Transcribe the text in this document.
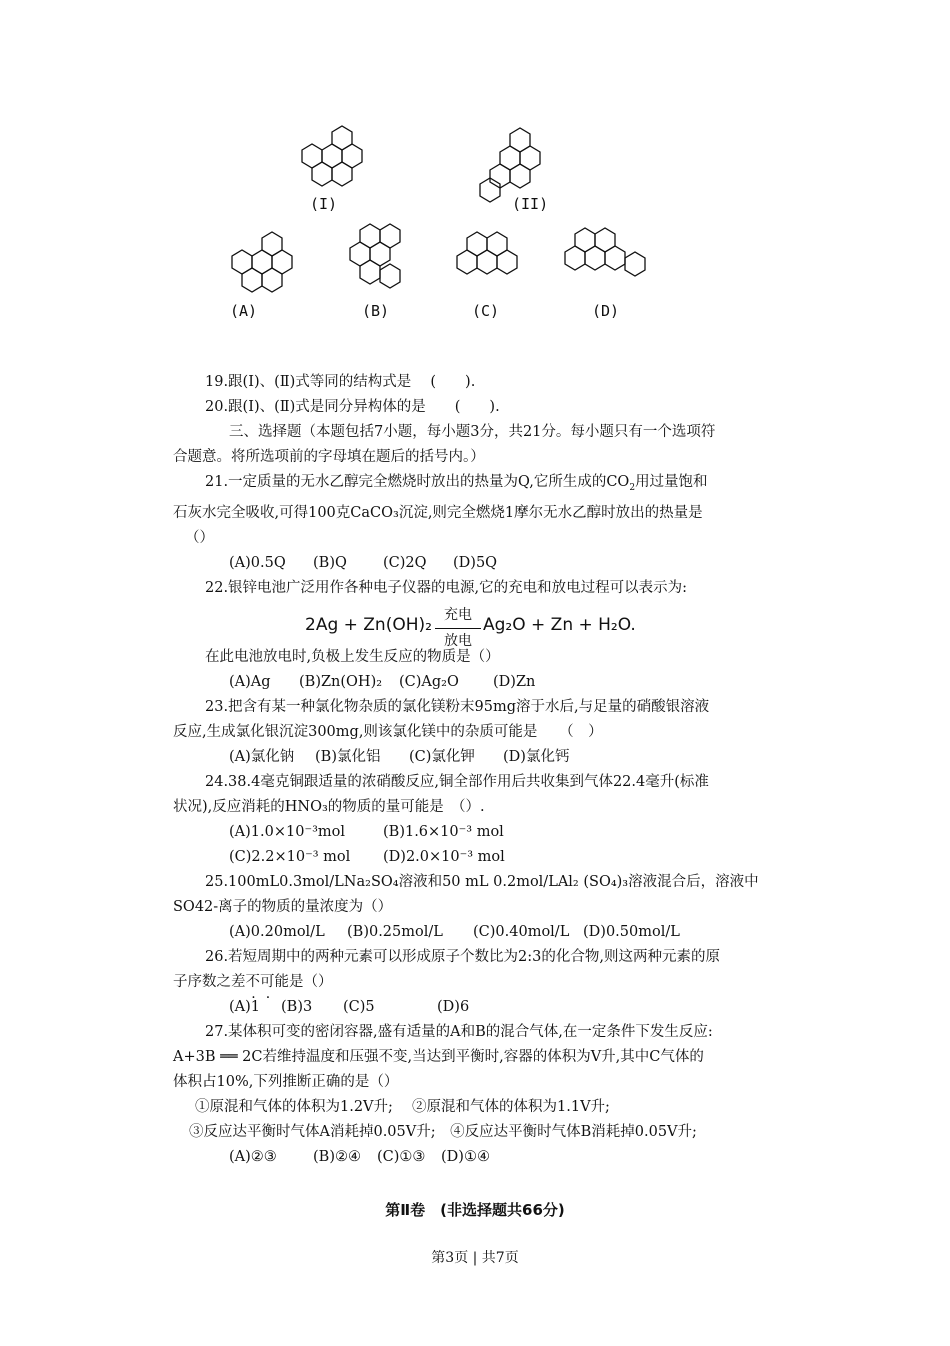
(I)	(II)
(A)	(B)	(C)	(D)
19.跟(Ⅰ)、(Ⅱ)式等同的结构式是　 (　　).
20.跟(Ⅰ)、(Ⅱ)式是同分异构体的是　　(　　).
三、选择题（本题包括7小题，每小题3分，共21分。每小题只有一个选项符
合题意。将所选项前的字母填在题后的括号内。）
21.一定质量的无水乙醇完全燃烧时放出的热量为Q,它所生成的$CO_2$用过量饱和
石灰水完全吸收,可得100克CaCO₃沉淀,则完全燃烧1摩尔无水乙醇时放出的热量是
（）
(A)0.5Q (B)Q (C)2Q (D)5Q
22.银锌电池广泛用作各种电子仪器的电源,它的充电和放电过程可以表示为:
2Ag + Zn(OH)₂ 充电
放电
Ag₂O + Zn + H₂O.
在此电池放电时,负极上发生反应的物质是（）
(A)Ag (B)Zn(OH)₂ (C)Ag₂O (D)Zn
23.把含有某一种氯化物杂质的氯化镁粉末95mg溶于水后,与足量的硝酸银溶液
反应,生成氯化银沉淀300mg,则该氯化镁中的杂质可能是　　（　）
(A)氯化钠 (B)氯化铝 (C)氯化钾 (D)氯化钙
24.38.4毫克铜跟适量的浓硝酸反应,铜全部作用后共收集到气体22.4毫升(标准
状况),反应消耗的HNO₃的物质的量可能是　（）.
(A)1.0×10⁻³mol	(B)1.6×10⁻³ mol
(C)2.2×10⁻³ mol (D)2.0×10⁻³ mol
25.100mL0.3mol/LNa₂SO₄溶液和50 mL 0.2mol/LAl₂ (SO₄)₃溶液混合后，溶液中
SO42-离子的物质的量浓度为（）
(A)0.20mol/L (B)0.25mol/L (C)0.40mol/L (D)0.50mol/L
26.若短周期中的两种元素可以形成原子个数比为2:3的化合物,则这两种元素的原
子序数之差不可能是（）
(A)1 (B)3 (C)5	(D)6
27.某体积可变的密闭容器,盛有适量的A和B的混合气体,在一定条件下发生反应:
A+3B ══ 2C若维持温度和压强不变,当达到平衡时,容器的体积为V升,其中C气体的
体积占10%,下列推断正确的是（）
①原混和气体的体积为1.2V升;　 ②原混和气体的体积为1.1V升;
③反应达平衡时气体A消耗掉0.05V升;　④反应达平衡时气体B消耗掉0.05V升;
(A)②③ (B)②④ (C)①③ (D)①④
第Ⅱ卷　(非选择题共66分)
第3页 | 共7页
